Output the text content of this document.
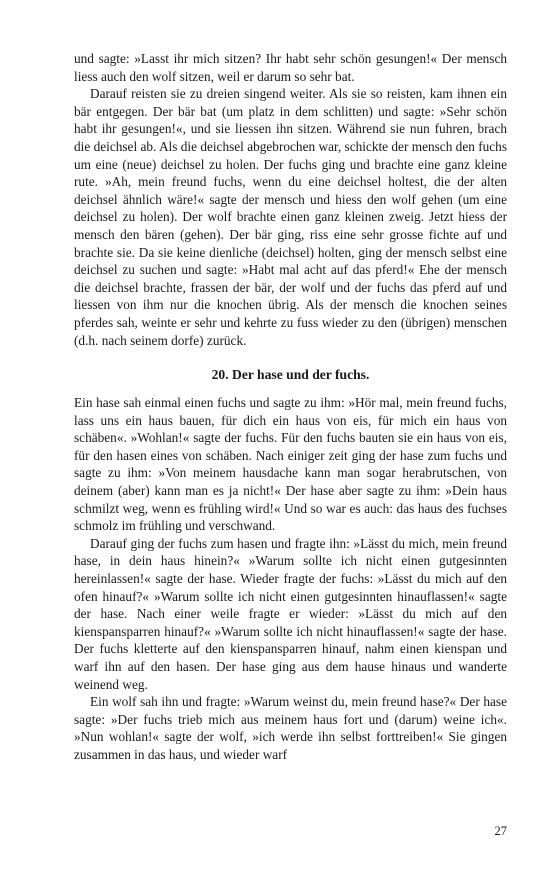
und sagte: »Lasst ihr mich sitzen? Ihr habt sehr schön gesungen!« Der mensch liess auch den wolf sitzen, weil er darum so sehr bat.

Darauf reisten sie zu dreien singend weiter. Als sie so reisten, kam ihnen ein bär entgegen. Der bär bat (um platz in dem schlitten) und sagte: »Sehr schön habt ihr gesungen!«, und sie liessen ihn sitzen. Während sie nun fuhren, brach die deichsel ab. Als die deichsel abgebrochen war, schickte der mensch den fuchs um eine (neue) deichsel zu holen. Der fuchs ging und brachte eine ganz kleine rute. »Ah, mein freund fuchs, wenn du eine deichsel holtest, die der alten deichsel ähnlich wäre!« sagte der mensch und hiess den wolf gehen (um eine deichsel zu holen). Der wolf brachte einen ganz kleinen zweig. Jetzt hiess der mensch den bären (gehen). Der bär ging, riss eine sehr grosse fichte auf und brachte sie. Da sie keine dienliche (deichsel) holten, ging der mensch selbst eine deichsel zu suchen und sagte: »Habt mal acht auf das pferd!« Ehe der mensch die deichsel brachte, frassen der bär, der wolf und der fuchs das pferd auf und liessen von ihm nur die knochen übrig. Als der mensch die knochen seines pferdes sah, weinte er sehr und kehrte zu fuss wieder zu den (übrigen) menschen (d.h. nach seinem dorfe) zurück.

20. Der hase und der fuchs.

Ein hase sah einmal einen fuchs und sagte zu ihm: »Hör mal, mein freund fuchs, lass uns ein haus bauen, für dich ein haus von eis, für mich ein haus von schäben«. »Wohlan!« sagte der fuchs. Für den fuchs bauten sie ein haus von eis, für den hasen eines von schäben. Nach einiger zeit ging der hase zum fuchs und sagte zu ihm: »Von meinem hausdache kann man sogar herabrutschen, von deinem (aber) kann man es ja nicht!« Der hase aber sagte zu ihm: »Dein haus schmilzt weg, wenn es frühling wird!« Und so war es auch: das haus des fuchses schmolz im frühling und verschwand.

Darauf ging der fuchs zum hasen und fragte ihn: »Lässt du mich, mein freund hase, in dein haus hinein?« »Warum sollte ich nicht einen gutgesinnten hereinlassen!« sagte der hase. Wieder fragte der fuchs: »Lässt du mich auf den ofen hinauf?« »Warum sollte ich nicht einen gutgesinnten hinauflassen!« sagte der hase. Nach einer weile fragte er wieder: »Lässt du mich auf den kienspansparren hinauf?« »Warum sollte ich nicht hinauflassen!« sagte der hase. Der fuchs kletterte auf den kienspansparren hinauf, nahm einen kienspan und warf ihn auf den hasen. Der hase ging aus dem hause hinaus und wanderte weinend weg.

Ein wolf sah ihn und fragte: »Warum weinst du, mein freund hase?« Der hase sagte: »Der fuchs trieb mich aus meinem haus fort und (darum) weine ich«. »Nun wohlan!« sagte der wolf, »ich werde ihn selbst forttreiben!« Sie gingen zusammen in das haus, und wieder warf

27
